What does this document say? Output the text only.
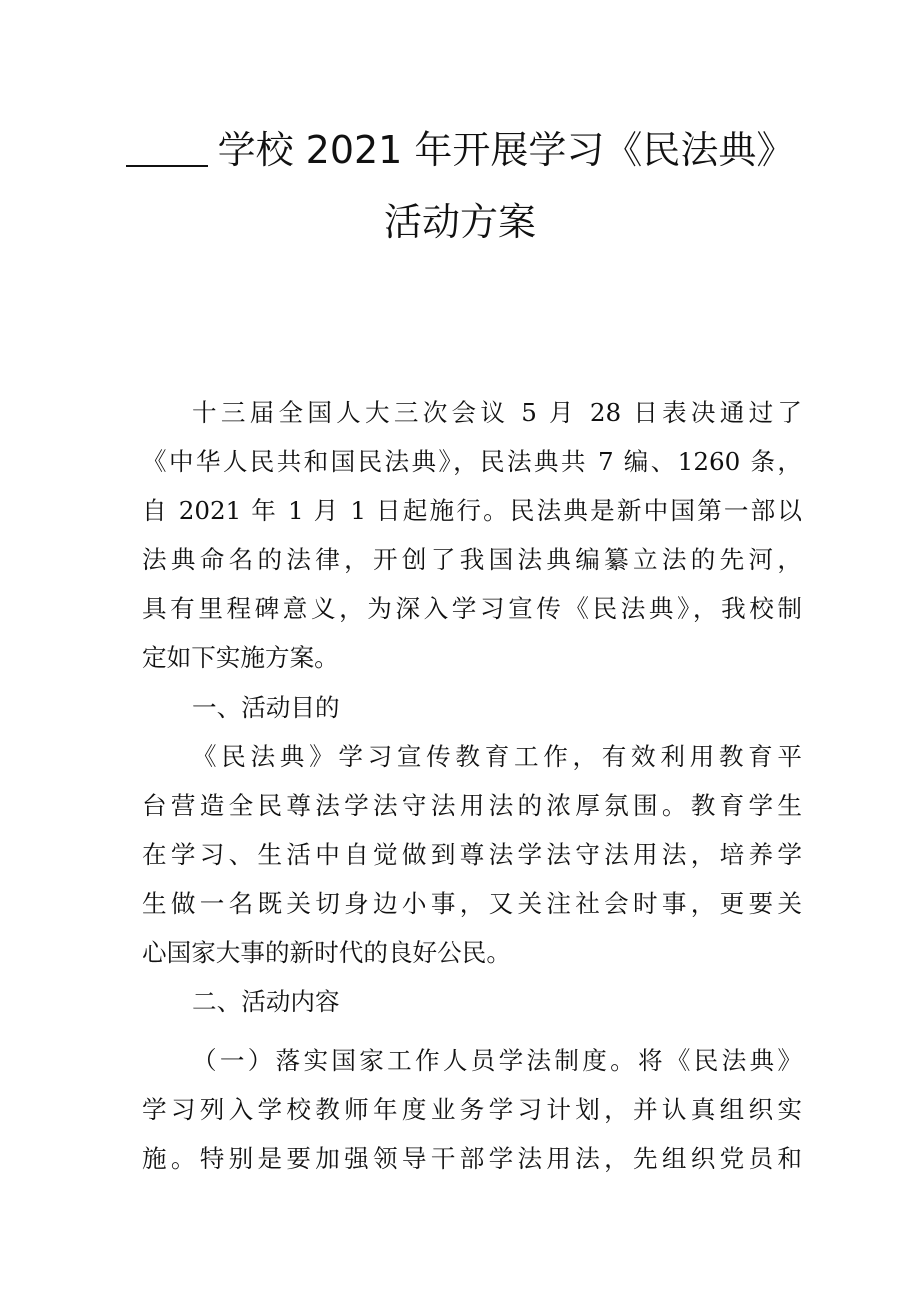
学校 2021 年开展学习《民法典》
活动方案
十三届全国人大三次会议 5 月 28 日表决通过了
《中华人民共和国民法典》，民法典共 7 编、1260 条，
自 2021 年 1 月 1 日起施行。民法典是新中国第一部以
法典命名的法律，开创了我国法典编纂立法的先河，
具有里程碑意义，为深入学习宣传《民法典》，我校制
定如下实施方案。
一、活动目的
《民法典》学习宣传教育工作，有效利用教育平
台营造全民尊法学法守法用法的浓厚氛围。教育学生
在学习、生活中自觉做到尊法学法守法用法，培养学
生做一名既关切身边小事，又关注社会时事，更要关
心国家大事的新时代的良好公民。
二、活动内容
（一）落实国家工作人员学法制度。将《民法典》
学习列入学校教师年度业务学习计划，并认真组织实
施。特别是要加强领导干部学法用法，先组织党员和
